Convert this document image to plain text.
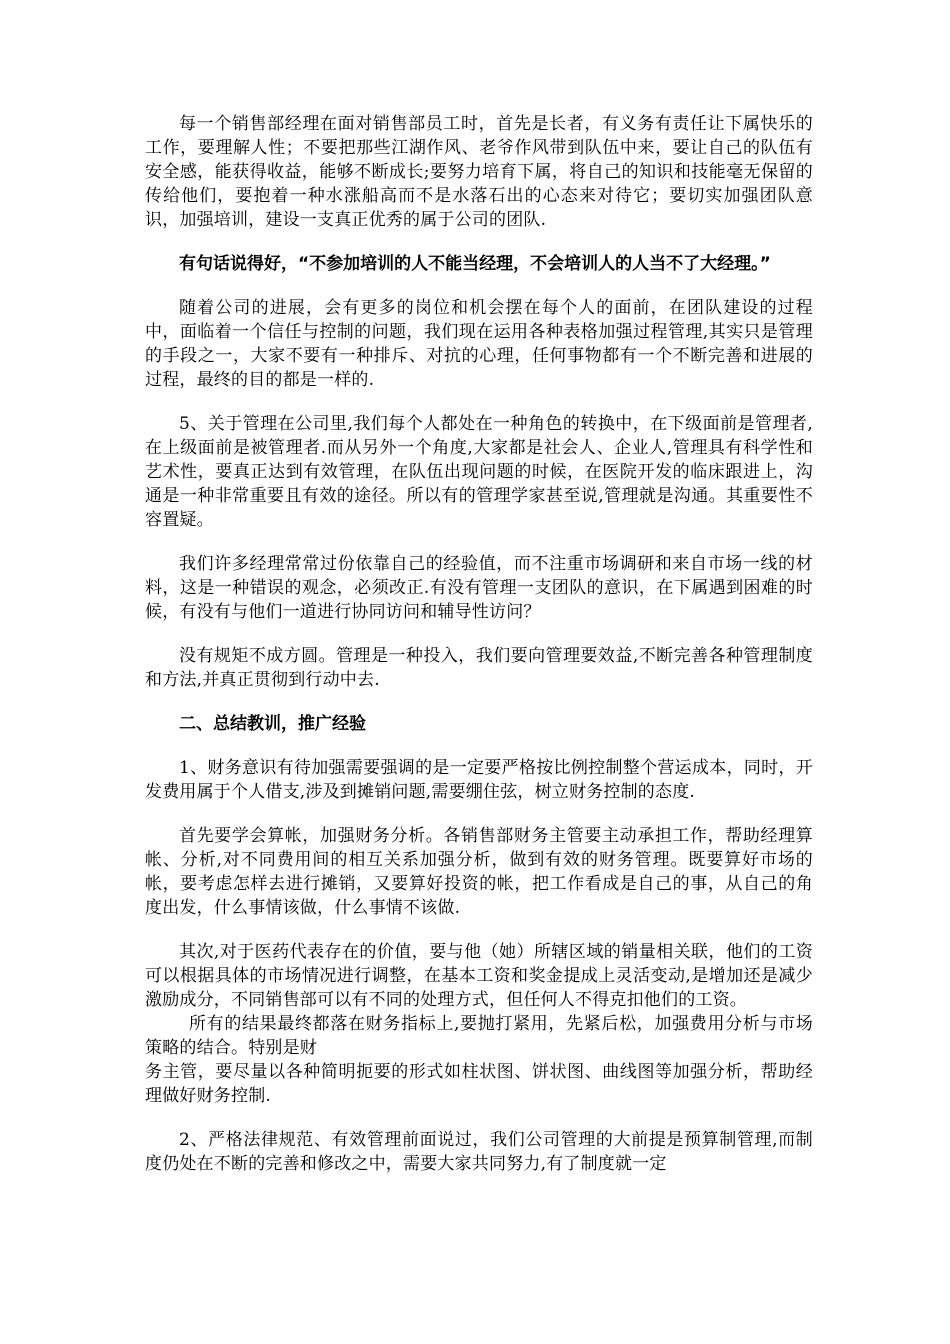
每一个销售部经理在面对销售部员工时，首先是长者，有义务有责任让下属快乐的工作，要理解人性；不要把那些江湖作风、老爷作风带到队伍中来，要让自己的队伍有安全感，能获得收益，能够不断成长;要努力培育下属，将自己的知识和技能毫无保留的传给他们，要抱着一种水涨船高而不是水落石出的心态来对待它；要切实加强团队意识，加强培训，建设一支真正优秀的属于公司的团队.

有句话说得好，“不参加培训的人不能当经理，不会培训人的人当不了大经理。”

随着公司的进展，会有更多的岗位和机会摆在每个人的面前，在团队建设的过程中，面临着一个信任与控制的问题，我们现在运用各种表格加强过程管理,其实只是管理的手段之一，大家不要有一种排斥、对抗的心理，任何事物都有一个不断完善和进展的过程，最终的目的都是一样的.

5、关于管理在公司里,我们每个人都处在一种角色的转换中，在下级面前是管理者,在上级面前是被管理者.而从另外一个角度,大家都是社会人、企业人,管理具有科学性和艺术性，要真正达到有效管理，在队伍出现问题的时候，在医院开发的临床跟进上，沟通是一种非常重要且有效的途径。所以有的管理学家甚至说,管理就是沟通。其重要性不容置疑。

我们许多经理常常过份依靠自己的经验值，而不注重市场调研和来自市场一线的材料，这是一种错误的观念，必须改正.有没有管理一支团队的意识，在下属遇到困难的时候，有没有与他们一道进行协同访问和辅导性访问？

没有规矩不成方圆。管理是一种投入，我们要向管理要效益,不断完善各种管理制度和方法,并真正贯彻到行动中去.

二、总结教训，推广经验

1、财务意识有待加强需要强调的是一定要严格按比例控制整个营运成本，同时，开发费用属于个人借支,涉及到摊销问题,需要绷住弦，树立财务控制的态度.

首先要学会算帐，加强财务分析。各销售部财务主管要主动承担工作，帮助经理算帐、分析,对不同费用间的相互关系加强分析，做到有效的财务管理。既要算好市场的帐，要考虑怎样去进行摊销，又要算好投资的帐，把工作看成是自己的事，从自己的角度出发，什么事情该做，什么事情不该做.

其次,对于医药代表存在的价值，要与他（她）所辖区域的销量相关联，他们的工资可以根据具体的市场情况进行调整，在基本工资和奖金提成上灵活变动,是增加还是减少激励成分，不同销售部可以有不同的处理方式，但任何人不得克扣他们的工资。

所有的结果最终都落在财务指标上,要抛打紧用，先紧后松，加强费用分析与市场策略的结合。特别是财

务主管，要尽量以各种简明扼要的形式如柱状图、饼状图、曲线图等加强分析，帮助经理做好财务控制.

2、严格法律规范、有效管理前面说过，我们公司管理的大前提是预算制管理,而制度仍处在不断的完善和修改之中，需要大家共同努力,有了制度就一定
